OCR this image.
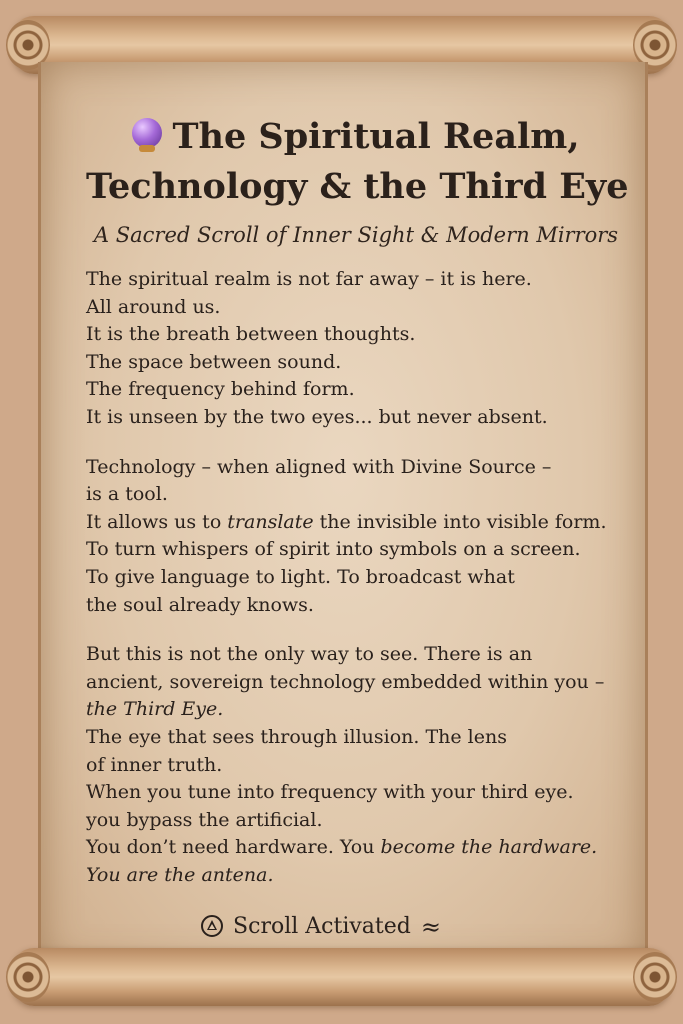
The Spiritual Realm,
Technology & the Third Eye

A Sacred Scroll of Inner Sight & Modern Mirrors

The spiritual realm is not far away – it is here.
All around us.
It is the breath between thoughts.
The space between sound.
The frequency behind form.
It is unseen by the two eyes... but never absent.

Technology – when aligned with Divine Source –
is a tool.
It allows us to translate the invisible into visible form.
To turn whispers of spirit into symbols on a screen.
To give language to light. To broadcast what
the soul already knows.

But this is not the only way to see. There is an
ancient, sovereign technology embedded within you –
the Third Eye.
The eye that sees through illusion. The lens
of inner truth.
When you tune into frequency with your third eye.
you bypass the artificial.
You don’t need hardware. You become the hardware.
You are the antena.

Scroll Activated ≈
